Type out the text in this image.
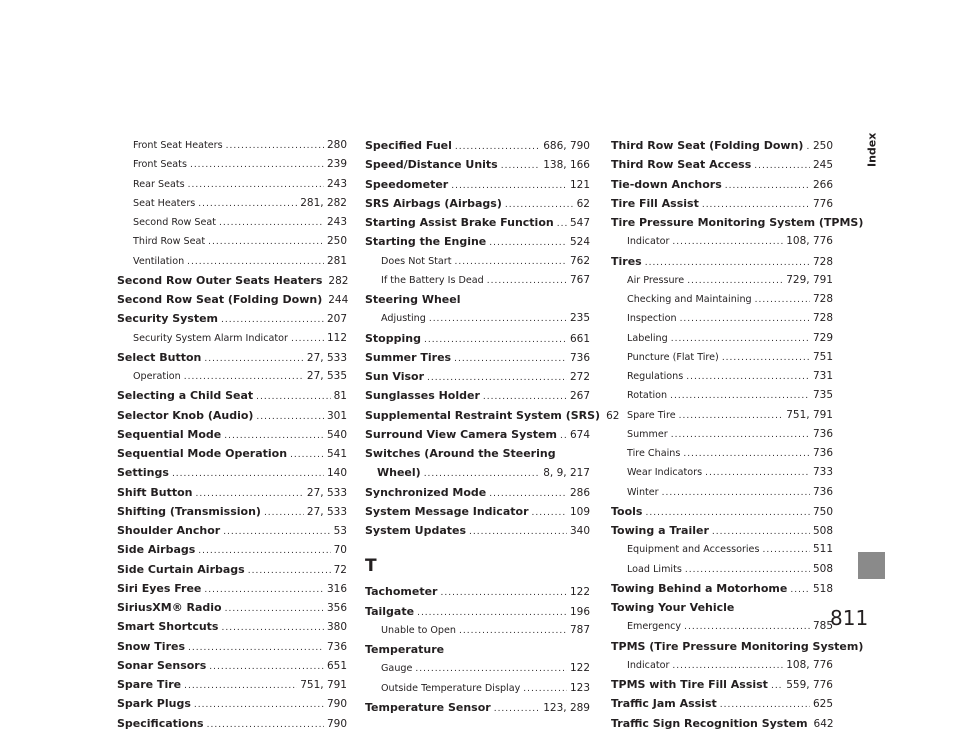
Front Seat Heaters .....	280
Front Seats .....	239
Rear Seats .....	243
Seat Heaters .....	281, 282
Second Row Seat .....	243
Third Row Seat .....	250
Ventilation .....	281
Second Row Outer Seats Heaters 282
Second Row Seat (Folding Down) 244
Security System .....	207
Security System Alarm Indicator .....	112
Select Button .....	27, 533
Operation .....	27, 535
Selecting a Child Seat .....	81
Selector Knob (Audio) .....	301
Sequential Mode .....	540
Sequential Mode Operation .....	541
Settings .....	140
Shift Button .....	27, 533
Shifting (Transmission) .....	27, 533
Shoulder Anchor .....	53
Side Airbags .....	70
Side Curtain Airbags .....	72
Siri Eyes Free .....	316
SiriusXM® Radio .....	356
Smart Shortcuts .....	380
Snow Tires .....	736
Sonar Sensors .....	651
Spare Tire .....	751, 791
Spark Plugs .....	790
Specifications .....	790
Specified Fuel .....	686, 790
Speed/Distance Units .....	138, 166
Speedometer .....	121
SRS Airbags (Airbags) .....	62
Starting Assist Brake Function ..... 547
Starting the Engine .....	524
Does Not Start .....	762
If the Battery Is Dead .....	767
Steering Wheel
Adjusting .....	235
Stopping .....	661
Summer Tires .....	736
Sun Visor .....	272
Sunglasses Holder .....	267
Supplemental Restraint System (SRS) 62
Surround View Camera System ..... 674
Switches (Around the Steering
Wheel) .....	8, 9, 217
Synchronized Mode .....	286
System Message Indicator .....	109
System Updates .....	340
T
Tachometer .....	122
Tailgate .....	196
Unable to Open .....	787
Temperature
Gauge .....	122
Outside Temperature Display .....	123
Temperature Sensor .....	123, 289
Third Row Seat (Folding Down) ..... 250
Third Row Seat Access .....	245
Tie-down Anchors .....	266
Tire Fill Assist .....	776
Tire Pressure Monitoring System (TPMS)
Indicator .....	108, 776
Tires .....	728
Air Pressure .....	729, 791
Checking and Maintaining .....	728
Inspection .....	728
Labeling .....	729
Puncture (Flat Tire) .....	751
Regulations .....	731
Rotation .....	735
Spare Tire .....	751, 791
Summer .....	736
Tire Chains .....	736
Wear Indicators .....	733
Winter .....	736
Tools .....	750
Towing a Trailer .....	508
Equipment and Accessories .....	511
Load Limits .....	508
Towing Behind a Motorhome ..... 518
Towing Your Vehicle
Emergency .....	785
TPMS (Tire Pressure Monitoring System)
Indicator .....	108, 776
TPMS with Tire Fill Assist ..... 559, 776
Traffic Jam Assist .....	625
Traffic Sign Recognition System 642
Index
811
